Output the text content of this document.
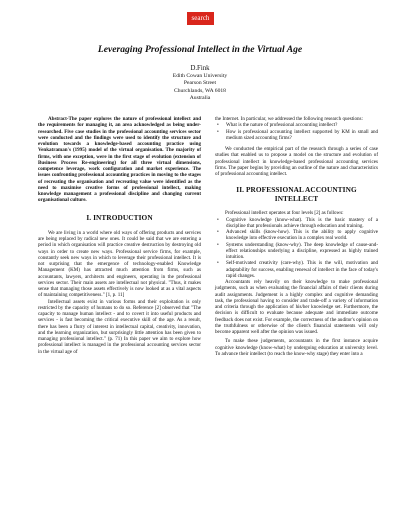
search
Leveraging Professional Intellect in the Virtual Age
D.Fink
Edith Cowan University
Pearson Street
Churchlands, WA 6018
Australia

Abstract-The paper explores the nature of professional intellect and the requirements for managing it, an area acknowledged as being under-researched. Five case studies in the professional accounting services sector were conducted and the findings were used to identify the structure and evolution towards a knowledge-based accounting practice using Venkatraman's (1995) model of the virtual organisation. The majority of firms, with one exception, were in the first stage of evolution (extension of Business Process Re-engineering) for all three virtual dimensions, competence leverage, work configuration and market experience. The issues confronting professional accounting practices in moving to the stages of recreating the organisation and recreating value were identified as the need to maximise creative forms of professional intellect, making knowledge management a professional discipline and changing current organisational culture.

I. INTRODUCTION

We are living in a world where old ways of offering products and services are being replaced by radical new ones. It could be said that we are entering a period in which organisation will practice creative destruction by destroying old ways in order to create new ways. Professional service firms, for example, constantly seek new ways in which to leverage their professional intellect. It is not surprising that the emergence of technology-enabled Knowledge Management (KM) has attracted much attention from firms, such as accountants, lawyers, architects and engineers, operating in the professional services sector. Their main assets are intellectual not physical. "Thus, it makes sense that managing those assets effectively is now looked at as a vital aspects of maintaining competitiveness." [1, p. 11]

Intellectual assets exist in various forms and their exploitation is only restricted by the capacity of humans to do so. Reference [2] observed that "The capacity to manage human intellect - and to covert it into useful products and services - is fast becoming the critical executive skill of the age. As a result, there has been a flurry of interest in intellectual capital, creativity, innovation, and the learning organization, but surprisingly little attention has been given to managing professional intellect." (p. 71) In this paper we aim to explore how professional intellect is managed in the professional accounting services sector in the virtual age of

the Internet. In particular, we addressed the following research questions:

• What is the nature of professional accounting intellect?
• How is professional accounting intellect supported by KM in small and medium sized accounting firms?

We conducted the empirical part of the research through a series of case studies that enabled us to propose a model on the structure and evolution of professional intellect in knowledge-based professional accounting services firms. The paper begins by providing an outline of the nature and characteristics of professional accounting intellect.

II. PROFESSIONAL ACCOUNTING INTELLECT

Professional intellect operates at four levels [2] as follows:

• Cognitive knowledge (know-what). This is the basic mastery of a discipline that professionals achieve through education and training.
• Advanced skills (know-how). This is the ability to apply cognitive knowledge into effective execution in a complex real world.
• Systems understanding (know-why). The deep knowledge of cause-and-effect relationships underlying a discipline, expressed as highly trained intuition.
• Self-motivated creativity (care-why). This is the will, motivation and adaptability for success, enabling renewal of intellect in the face of today's rapid changes.

Accountants rely heavily on their knowledge to make professional judgments, such as when evaluating the financial affairs of their clients during audit assignments. Judgement is a highly complex and cognitive demanding task, the professional having to consider and trade-off a variety of information and criteria through the application of his/her knowledge set. Furthermore, the decision is difficult to evaluate because adequate and immediate outcome feedback does not exist. For example, the correctness of the auditor's opinion on the truthfulness or otherwise of the client's financial statements will only become apparent well after the opinion was issued.

To make these judgements, accountants in the first instance acquire cognitive knowledge (know-what) by undergoing education at university level. To advance their intellect (to reach the know-why stage) they enter into a
